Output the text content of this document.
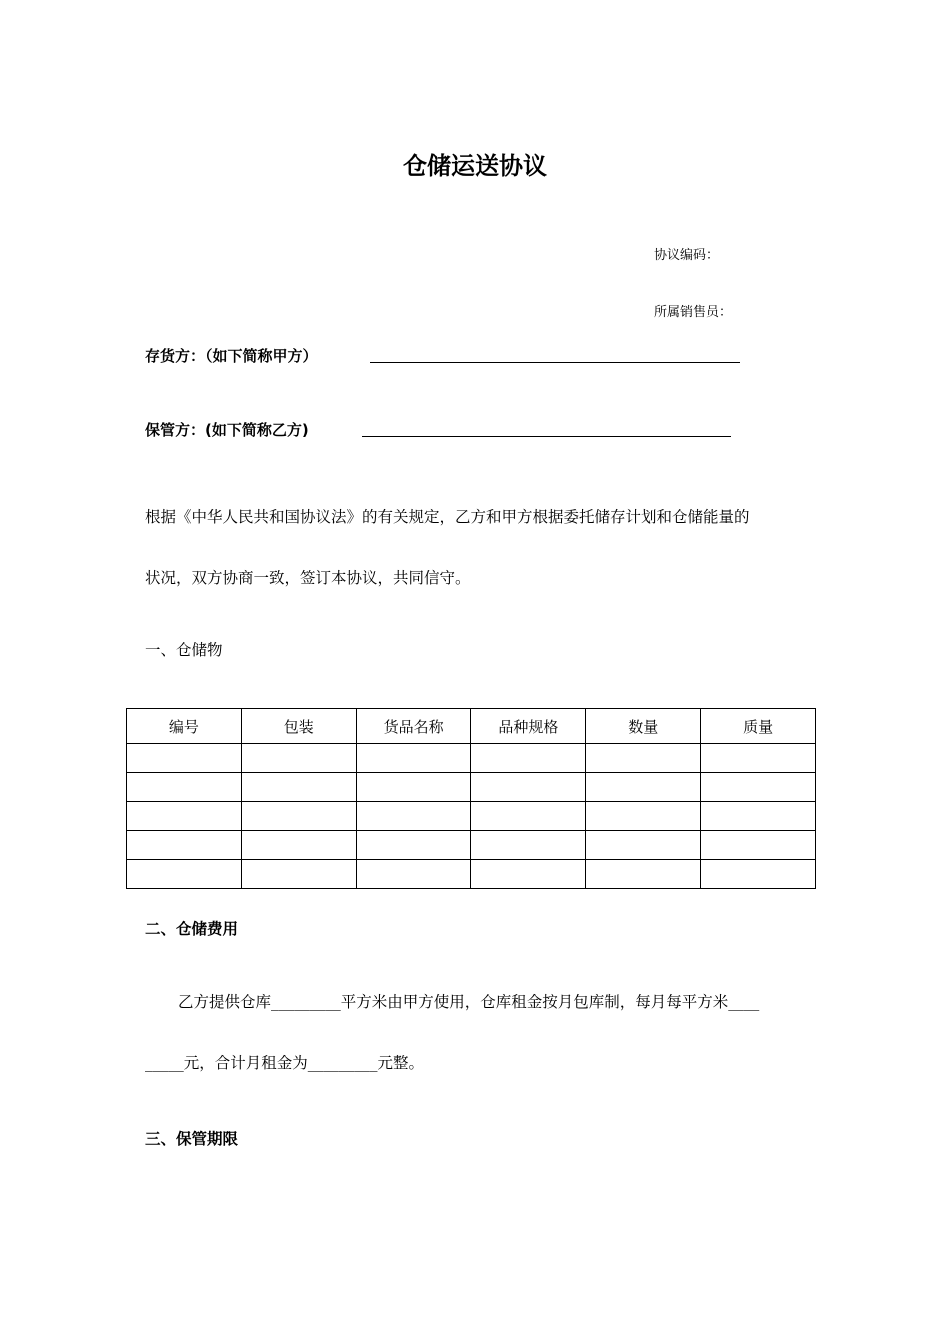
仓储运送协议
协议编码：
所属销售员：
存货方：（如下简称甲方）
保管方：(如下简称乙方)
根据《中华人民共和国协议法》的有关规定，乙方和甲方根据委托储存计划和仓储能量的
状况，双方协商一致，签订本协议，共同信守。
一、仓储物
编号	包装	货品名称	品种规格	数量	质量

二、仓储费用
乙方提供仓库_________平方米由甲方使用，仓库租金按月包库制，每月每平方米____
_____元，合计月租金为_________元整。
三、保管期限
